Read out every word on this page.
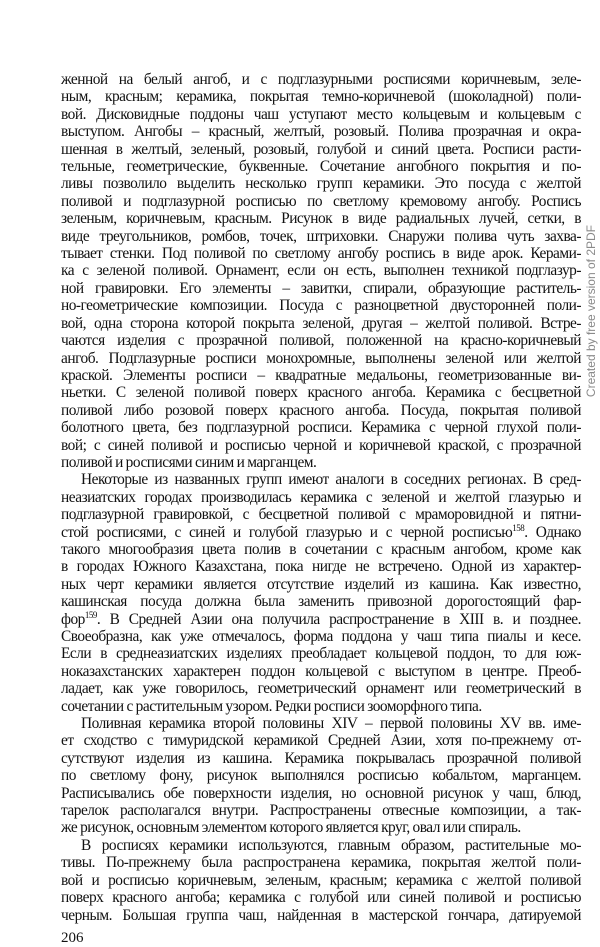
женной на белый ангоб, и с подглазурными росписями коричневым, зеле-
ным, красным; керамика, покрытая темно-коричневой (шоколадной) поли-
вой. Дисковидные поддоны чаш уступают место кольцевым и кольцевым с
выступом. Ангобы – красный, желтый, розовый. Полива прозрачная и окра-
шенная в желтый, зеленый, розовый, голубой и синий цвета. Росписи расти-
тельные, геометрические, буквенные. Сочетание ангобного покрытия и по-
ливы позволило выделить несколько групп керамики. Это посуда с желтой
поливой и подглазурной росписью по светлому кремовому ангобу. Роспись
зеленым, коричневым, красным. Рисунок в виде радиальных лучей, сетки, в
виде треугольников, ромбов, точек, штриховки. Снаружи полива чуть захва-
тывает стенки. Под поливой по светлому ангобу роспись в виде арок. Керами-
ка с зеленой поливой. Орнамент, если он есть, выполнен техникой подглазур-
ной гравировки. Его элементы – завитки, спирали, образующие раститель-
но-геометрические композиции. Посуда с разноцветной двусторонней поли-
вой, одна сторона которой покрыта зеленой, другая – желтой поливой. Встре-
чаются изделия с прозрачной поливой, положенной на красно-коричневый
ангоб. Подглазурные росписи монохромные, выполнены зеленой или желтой
краской. Элементы росписи – квадратные медальоны, геометризованные ви-
ньетки. С зеленой поливой поверх красного ангоба. Керамика с бесцветной
поливой либо розовой поверх красного ангоба. Посуда, покрытая поливой
болотного цвета, без подглазурной росписи. Керамика с черной глухой поли-
вой; с синей поливой и росписью черной и коричневой краской, с прозрачной
поливой и росписями синим и марганцем.
Некоторые из названных групп имеют аналоги в соседних регионах. В сред-
неазиатских городах производилась керамика с зеленой и желтой глазурью и
подглазурной гравировкой, с бесцветной поливой с мраморовидной и пятни-
стой росписями, с синей и голубой глазурью и с черной росписью$^{158}$. Однако
такого многообразия цвета полив в сочетании с красным ангобом, кроме как
в городах Южного Казахстана, пока нигде не встречено. Одной из характер-
ных черт керамики является отсутствие изделий из кашина. Как известно,
кашинская посуда должна была заменить привозной дорогостоящий фар-
фор$^{159}$. В Средней Азии она получила распространение в XIII в. и позднее.
Своеобразна, как уже отмечалось, форма поддона у чаш типа пиалы и кесе.
Если в среднеазиатских изделиях преобладает кольцевой поддон, то для юж-
ноказахстанских характерен поддон кольцевой с выступом в центре. Преоб-
ладает, как уже говорилось, геометрический орнамент или геометрический в
сочетании с растительным узором. Редки росписи зооморфного типа.
Поливная керамика второй половины XIV – первой половины XV вв. име-
ет сходство с тимуридской керамикой Средней Азии, хотя по-прежнему от-
сутствуют изделия из кашина. Керамика покрывалась прозрачной поливой
по светлому фону, рисунок выполнялся росписью кобальтом, марганцем.
Расписывались обе поверхности изделия, но основной рисунок у чаш, блюд,
тарелок располагался внутри. Распространены отвесные композиции, а так-
же рисунок, основным элементом которого является круг, овал или спираль.
В росписях керамики используются, главным образом, растительные мо-
тивы. По-прежнему была распространена керамика, покрытая желтой поли-
вой и росписью коричневым, зеленым, красным; керамика с желтой поливой
поверх красного ангоба; керамика с голубой или синей поливой и росписью
черным. Большая группа чаш, найденная в мастерской гончара, датируемой
206
Created by free version of 2PDF
